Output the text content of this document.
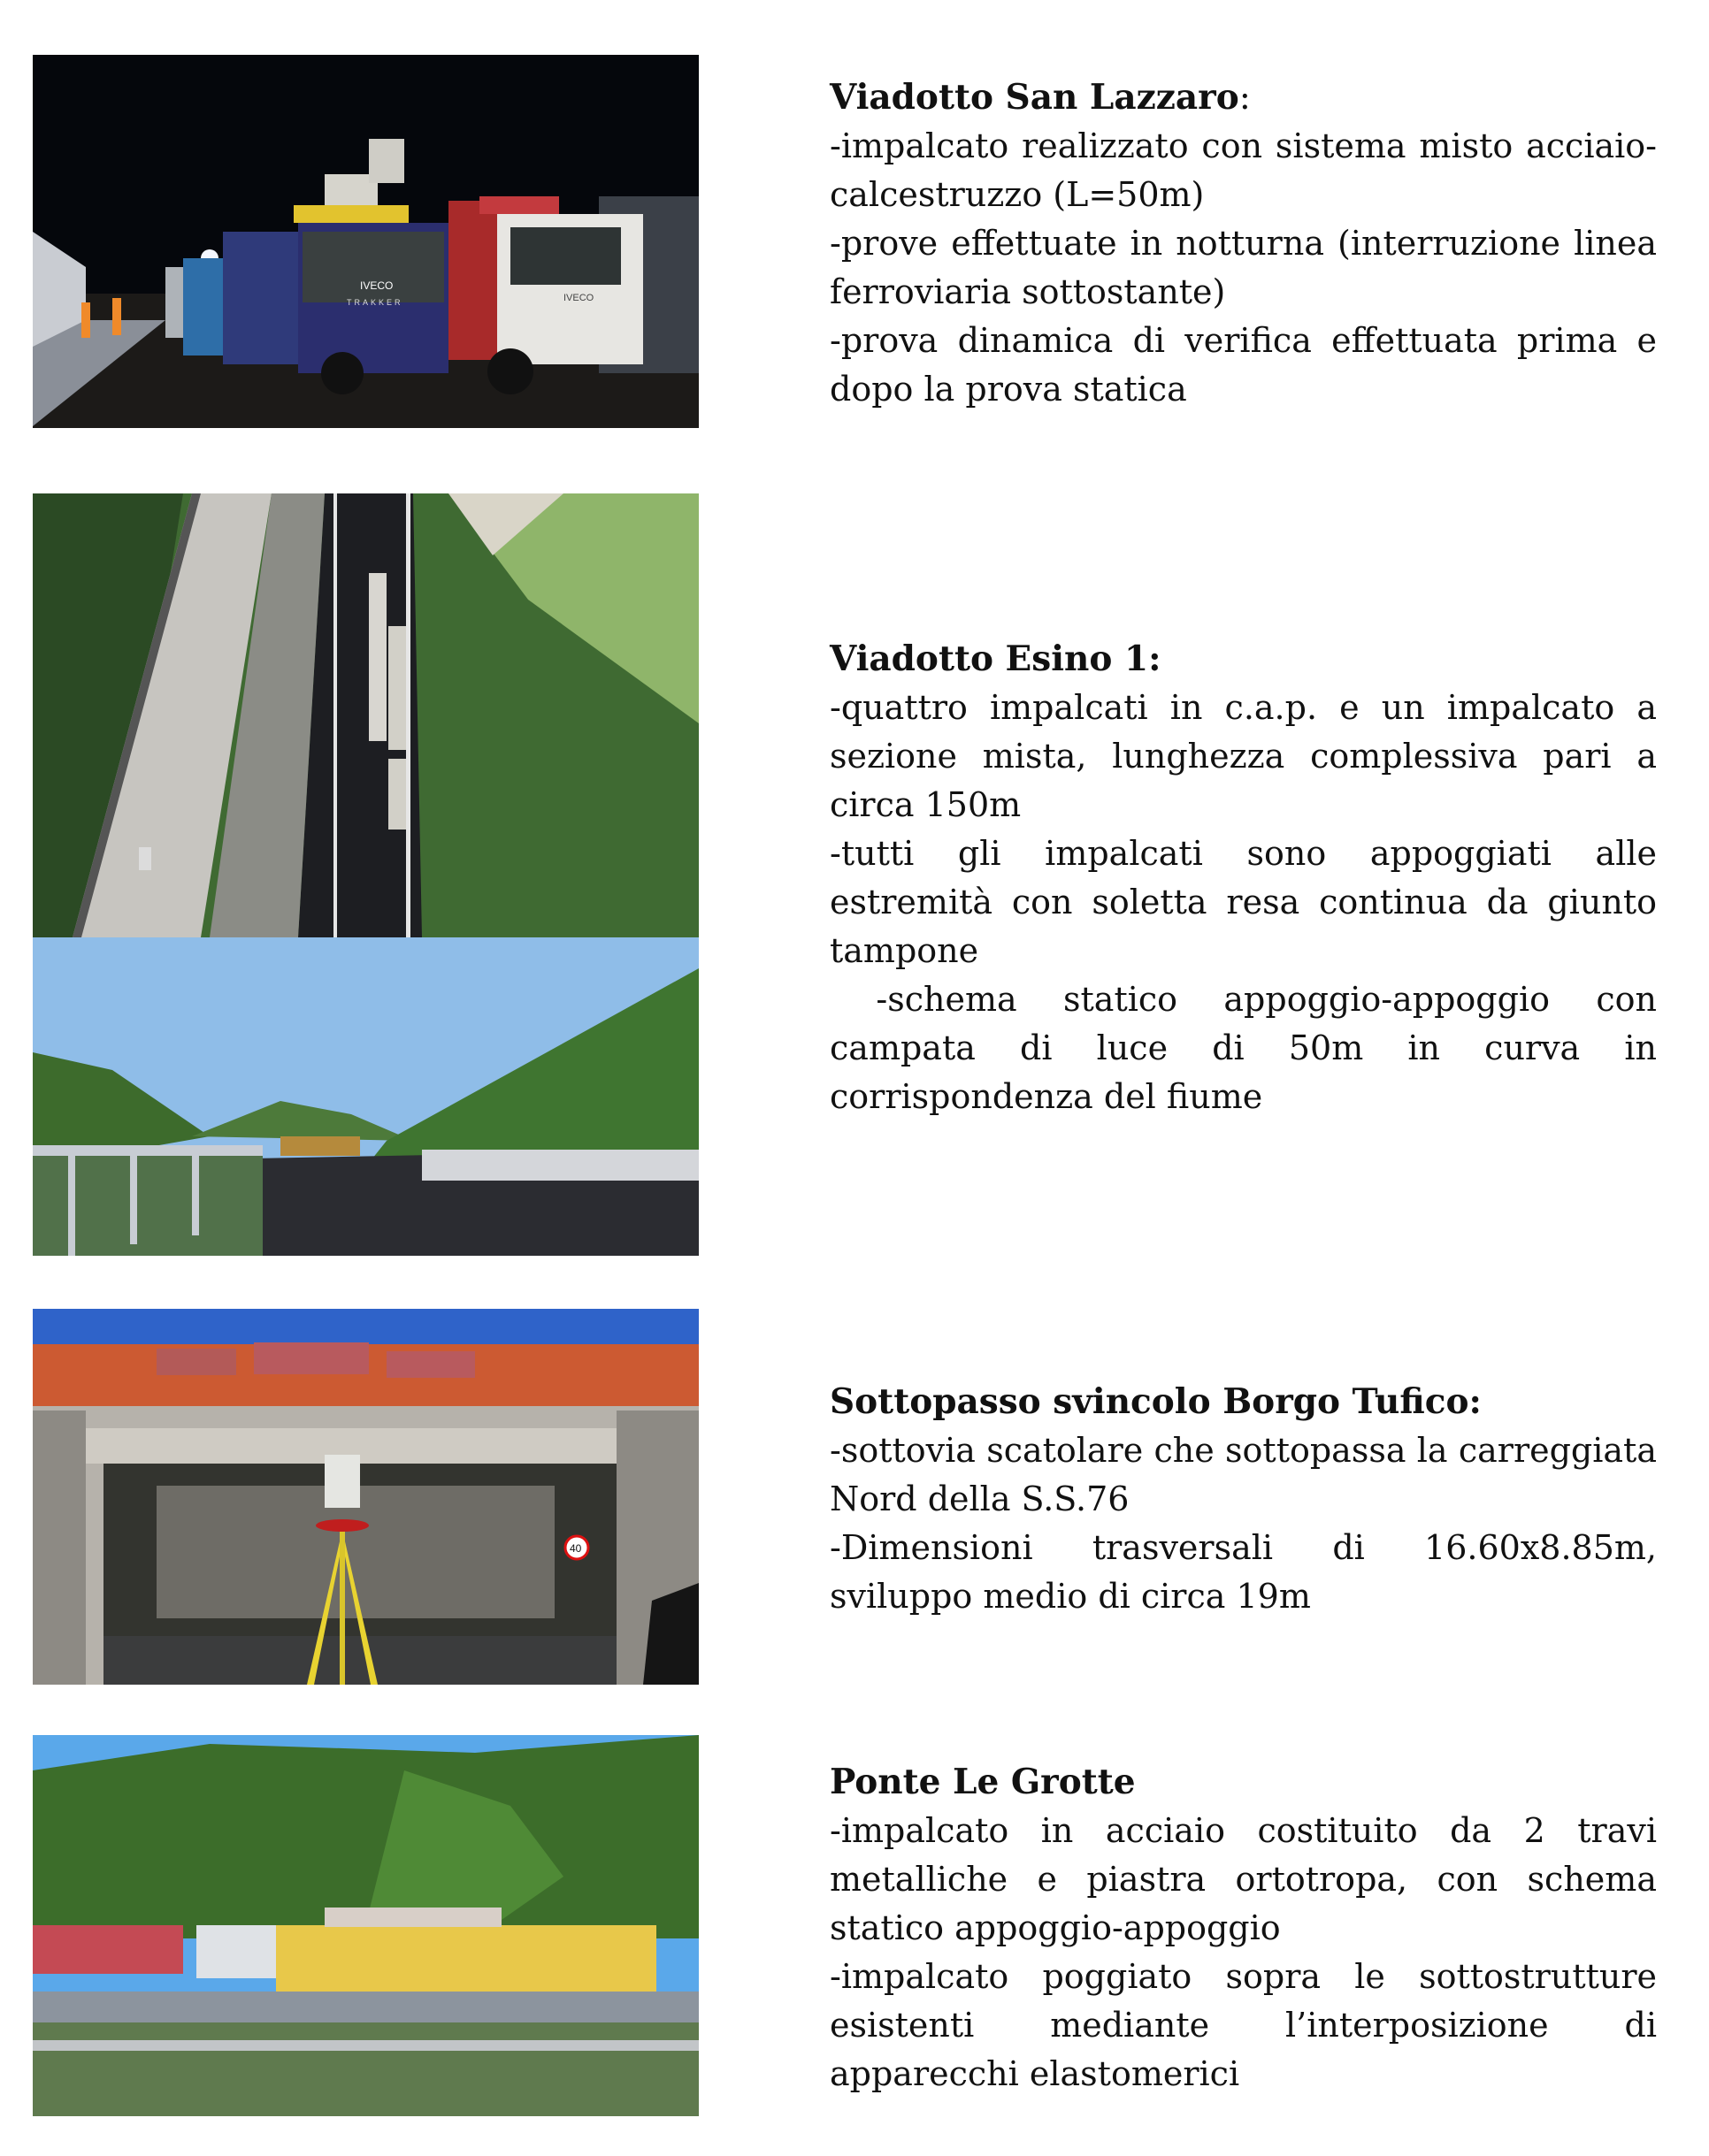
IVECO
TRAKKER	IVECO
40
Viadotto San Lazzaro:

-impalcato realizzato con sistema misto acciaio-calcestruzzo (L=50m)

-prove effettuate in notturna (interruzione linea ferroviaria sottostante)

-prova dinamica di verifica effettuata prima e dopo la prova statica

Viadotto Esino 1:

-quattro impalcati in c.a.p. e un impalcato a sezione mista, lunghezza complessiva pari a circa 150m

-tutti gli impalcati sono appoggiati alle estremità con soletta resa continua da giunto tampone

-schema statico appoggio-appoggio con campata di luce di 50m in curva in corrispondenza del fiume

Sottopasso svincolo Borgo Tufico:

-sottovia scatolare che sottopassa la carreggiata Nord della S.S.76

-Dimensioni trasversali di 16.60x8.85m, sviluppo medio di circa 19m

Ponte Le Grotte

-impalcato in acciaio costituito da 2 travi metalliche e piastra ortotropa, con schema statico appoggio-appoggio

-impalcato poggiato sopra le sottostrutture esistenti mediante l’interposizione di apparecchi elastomerici
